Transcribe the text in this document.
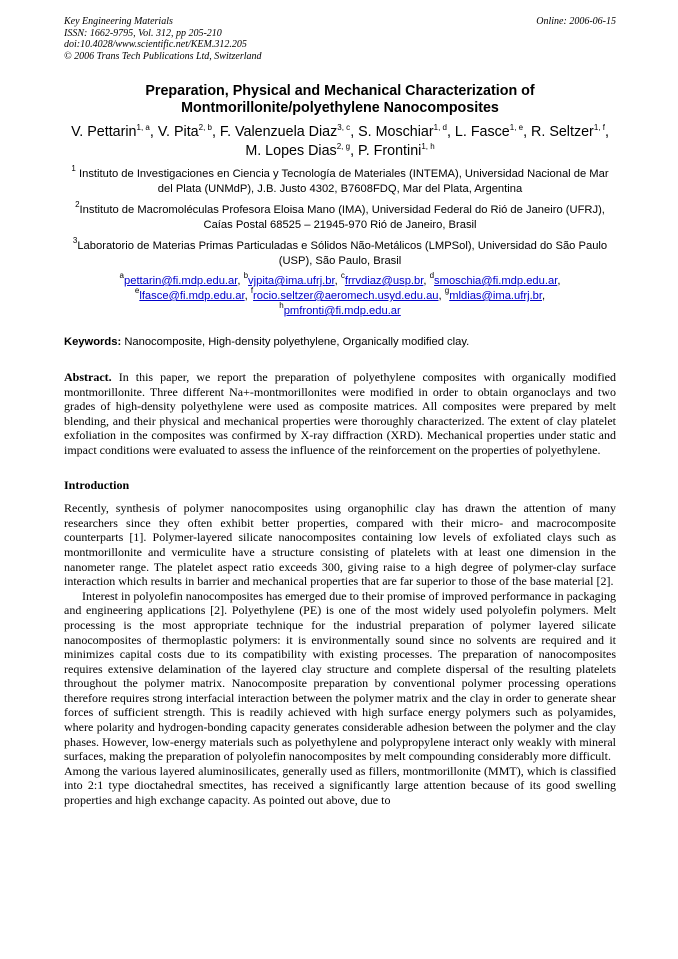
Key Engineering Materials
ISSN: 1662-9795, Vol. 312, pp 205-210
doi:10.4028/www.scientific.net/KEM.312.205
© 2006 Trans Tech Publications Ltd, Switzerland
Online: 2006-06-15
Preparation, Physical and Mechanical Characterization of
Montmorillonite/polyethylene Nanocomposites
V. Pettarin$^{1, a}$, V. Pita$^{2, b}$, F. Valenzuela Diaz$^{3, c}$, S. Moschiar$^{1, d}$, L. Fasce$^{1, e}$, R. Seltzer$^{1, f}$, M. Lopes Dias$^{2, g}$, P. Frontini$^{1, h}$
$^1$ Instituto de Investigaciones en Ciencia y Tecnología de Materiales (INTEMA), Universidad Nacional de Mar del Plata (UNMdP), J.B. Justo 4302, B7608FDQ, Mar del Plata, Argentina
$^2$Instituto de Macromoléculas Profesora Eloisa Mano (IMA), Universidad Federal do Rió de Janeiro (UFRJ), Caías Postal 68525 – 21945-970 Rió de Janeiro, Brasil
$^3$Laboratorio de Materias Primas Particuladas e Sólidos Não-Metálicos (LMPSol), Universidad do São Paulo (USP), São Paulo, Brasil
$^a$pettarin@fi.mdp.edu.ar, $^b$vjpita@ima.ufrj.br, $^c$frrvdiaz@usp.br, $^d$smoschia@fi.mdp.edu.ar,
$^e$lfasce@fi.mdp.edu.ar, $^f$rocio.seltzer@aeromech.usyd.edu.au, $^g$mldias@ima.ufrj.br,
$^h$pmfronti@fi.mdp.edu.ar
Keywords: Nanocomposite, High-density polyethylene, Organically modified clay.

Abstract. In this paper, we report the preparation of polyethylene composites with organically modified montmorillonite. Three different Na+-montmorillonites were modified in order to obtain organoclays and two grades of high-density polyethylene were used as composite matrices. All composites were prepared by melt blending, and their physical and mechanical properties were thoroughly characterized. The extent of clay platelet exfoliation in the composites was confirmed by X-ray diffraction (XRD). Mechanical properties under static and impact conditions were evaluated to assess the influence of the reinforcement on the properties of polyethylene.

Introduction

Recently, synthesis of polymer nanocomposites using organophilic clay has drawn the attention of many researchers since they often exhibit better properties, compared with their micro- and macrocomposite counterparts [1]. Polymer-layered silicate nanocomposites containing low levels of exfoliated clays such as montmorillonite and vermiculite have a structure consisting of platelets with at least one dimension in the nanometer range. The platelet aspect ratio exceeds 300, giving raise to a high degree of polymer-clay surface interaction which results in barrier and mechanical properties that are far superior to those of the base material [2].

Interest in polyolefin nanocomposites has emerged due to their promise of improved performance in packaging and engineering applications [2]. Polyethylene (PE) is one of the most widely used polyolefin polymers. Melt processing is the most appropriate technique for the industrial preparation of polymer layered silicate nanocomposites of thermoplastic polymers: it is environmentally sound since no solvents are required and it minimizes capital costs due to its compatibility with existing processes. The preparation of nanocomposites requires extensive delamination of the layered clay structure and complete dispersal of the resulting platelets throughout the polymer matrix. Nanocomposite preparation by conventional polymer processing operations therefore requires strong interfacial interaction between the polymer matrix and the clay in order to generate shear forces of sufficient strength. This is readily achieved with high surface energy polymers such as polyamides, where polarity and hydrogen-bonding capacity generates considerable adhesion between the polymer and the clay phases. However, low-energy materials such as polyethylene and polypropylene interact only weakly with mineral surfaces, making the preparation of polyolefin nanocomposites by melt compounding considerably more difficult.

Among the various layered aluminosilicates, generally used as fillers, montmorillonite (MMT), which is classified into 2:1 type dioctahedral smectites, has received a significantly large attention because of its good swelling properties and high exchange capacity. As pointed out above, due to
